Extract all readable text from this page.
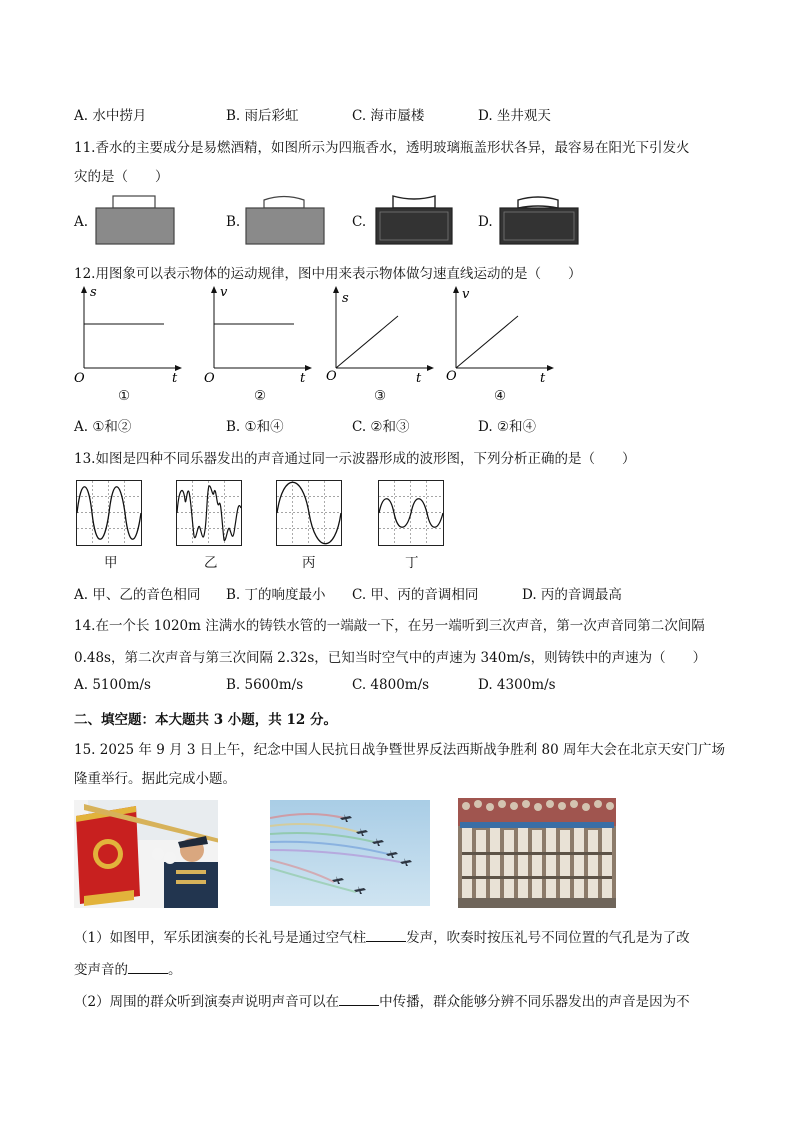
A. 水中捞月	B. 雨后彩虹	C. 海市蜃楼	D. 坐井观天
11.香水的主要成分是易燃酒精，如图所示为四瓶香水，透明玻璃瓶盖形状各异，最容易在阳光下引发火
灾的是（　　）
A.	B.	C.	D.
12.用图象可以表示物体的运动规律，图中用来表示物体做匀速直线运动的是（　　）
s
t
O
①
v
t
O
②
s
t
O
③
v
t
O
④
A. ①和②	B. ①和④	C. ②和③	D. ②和④
13.如图是四种不同乐器发出的声音通过同一示波器形成的波形图，下列分析正确的是（　　）
甲	乙	丙	丁
A. 甲、乙的音色相同 B. 丁的响度最小 C. 甲、丙的音调相同	D. 丙的音调最高
14.在一个长 1020m 注满水的铸铁水管的一端敲一下，在另一端听到三次声音，第一次声音同第二次间隔
0.48s，第二次声音与第三次间隔 2.32s，已知当时空气中的声速为 340m/s，则铸铁中的声速为（　　）
A. 5100m/s	B. 5600m/s	C. 4800m/s	D. 4300m/s
二、填空题：本大题共 3 小题，共 12 分。
15. 2025 年 9 月 3 日上午，纪念中国人民抗日战争暨世界反法西斯战争胜利 80 周年大会在北京天安门广场
隆重举行。据此完成小题。
（1）如图甲，军乐团演奏的长礼号是通过空气柱	发声，吹奏时按压礼号不同位置的气孔是为了改
变声音的	。
（2）周围的群众听到演奏声说明声音可以在	中传播，群众能够分辨不同乐器发出的声音是因为不
